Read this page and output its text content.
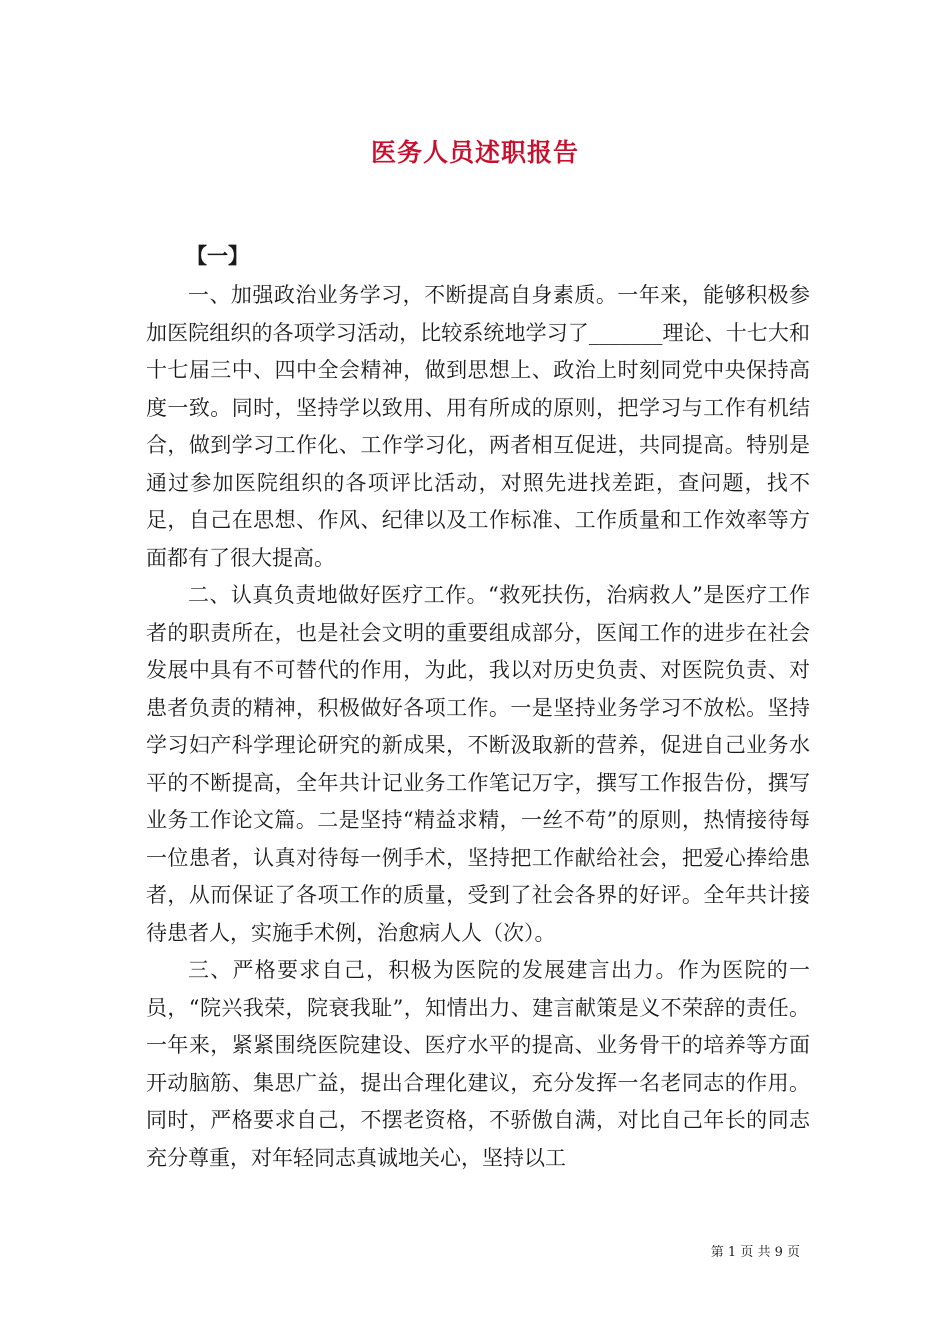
医务人员述职报告
【一】

一、加强政治业务学习，不断提高自身素质。一年来，能够积极参加医院组织的各项学习活动，比较系统地学习了_______理论、十七大和十七届三中、四中全会精神，做到思想上、政治上时刻同党中央保持高度一致。同时，坚持学以致用、用有所成的原则，把学习与工作有机结合，做到学习工作化、工作学习化，两者相互促进，共同提高。特别是通过参加医院组织的各项评比活动，对照先进找差距，查问题，找不足，自己在思想、作风、纪律以及工作标准、工作质量和工作效率等方面都有了很大提高。

二、认真负责地做好医疗工作。“救死扶伤，治病救人”是医疗工作者的职责所在，也是社会文明的重要组成部分，医闻工作的进步在社会发展中具有不可替代的作用，为此，我以对历史负责、对医院负责、对患者负责的精神，积极做好各项工作。一是坚持业务学习不放松。坚持学习妇产科学理论研究的新成果，不断汲取新的营养，促进自己业务水平的不断提高，全年共计记业务工作笔记万字，撰写工作报告份，撰写业务工作论文篇。二是坚持“精益求精，一丝不苟”的原则，热情接待每一位患者，认真对待每一例手术，坚持把工作献给社会，把爱心捧给患者，从而保证了各项工作的质量，受到了社会各界的好评。全年共计接待患者人，实施手术例，治愈病人人（次）。

三、严格要求自己，积极为医院的发展建言出力。作为医院的一员，“院兴我荣，院衰我耻”，知情出力、建言献策是义不荣辞的责任。一年来，紧紧围绕医院建设、医疗水平的提高、业务骨干的培养等方面开动脑筋、集思广益，提出合理化建议，充分发挥一名老同志的作用。同时，严格要求自己，不摆老资格，不骄傲自满，对比自己年长的同志充分尊重，对年轻同志真诚地关心，坚持以工

第 1 页 共 9 页
